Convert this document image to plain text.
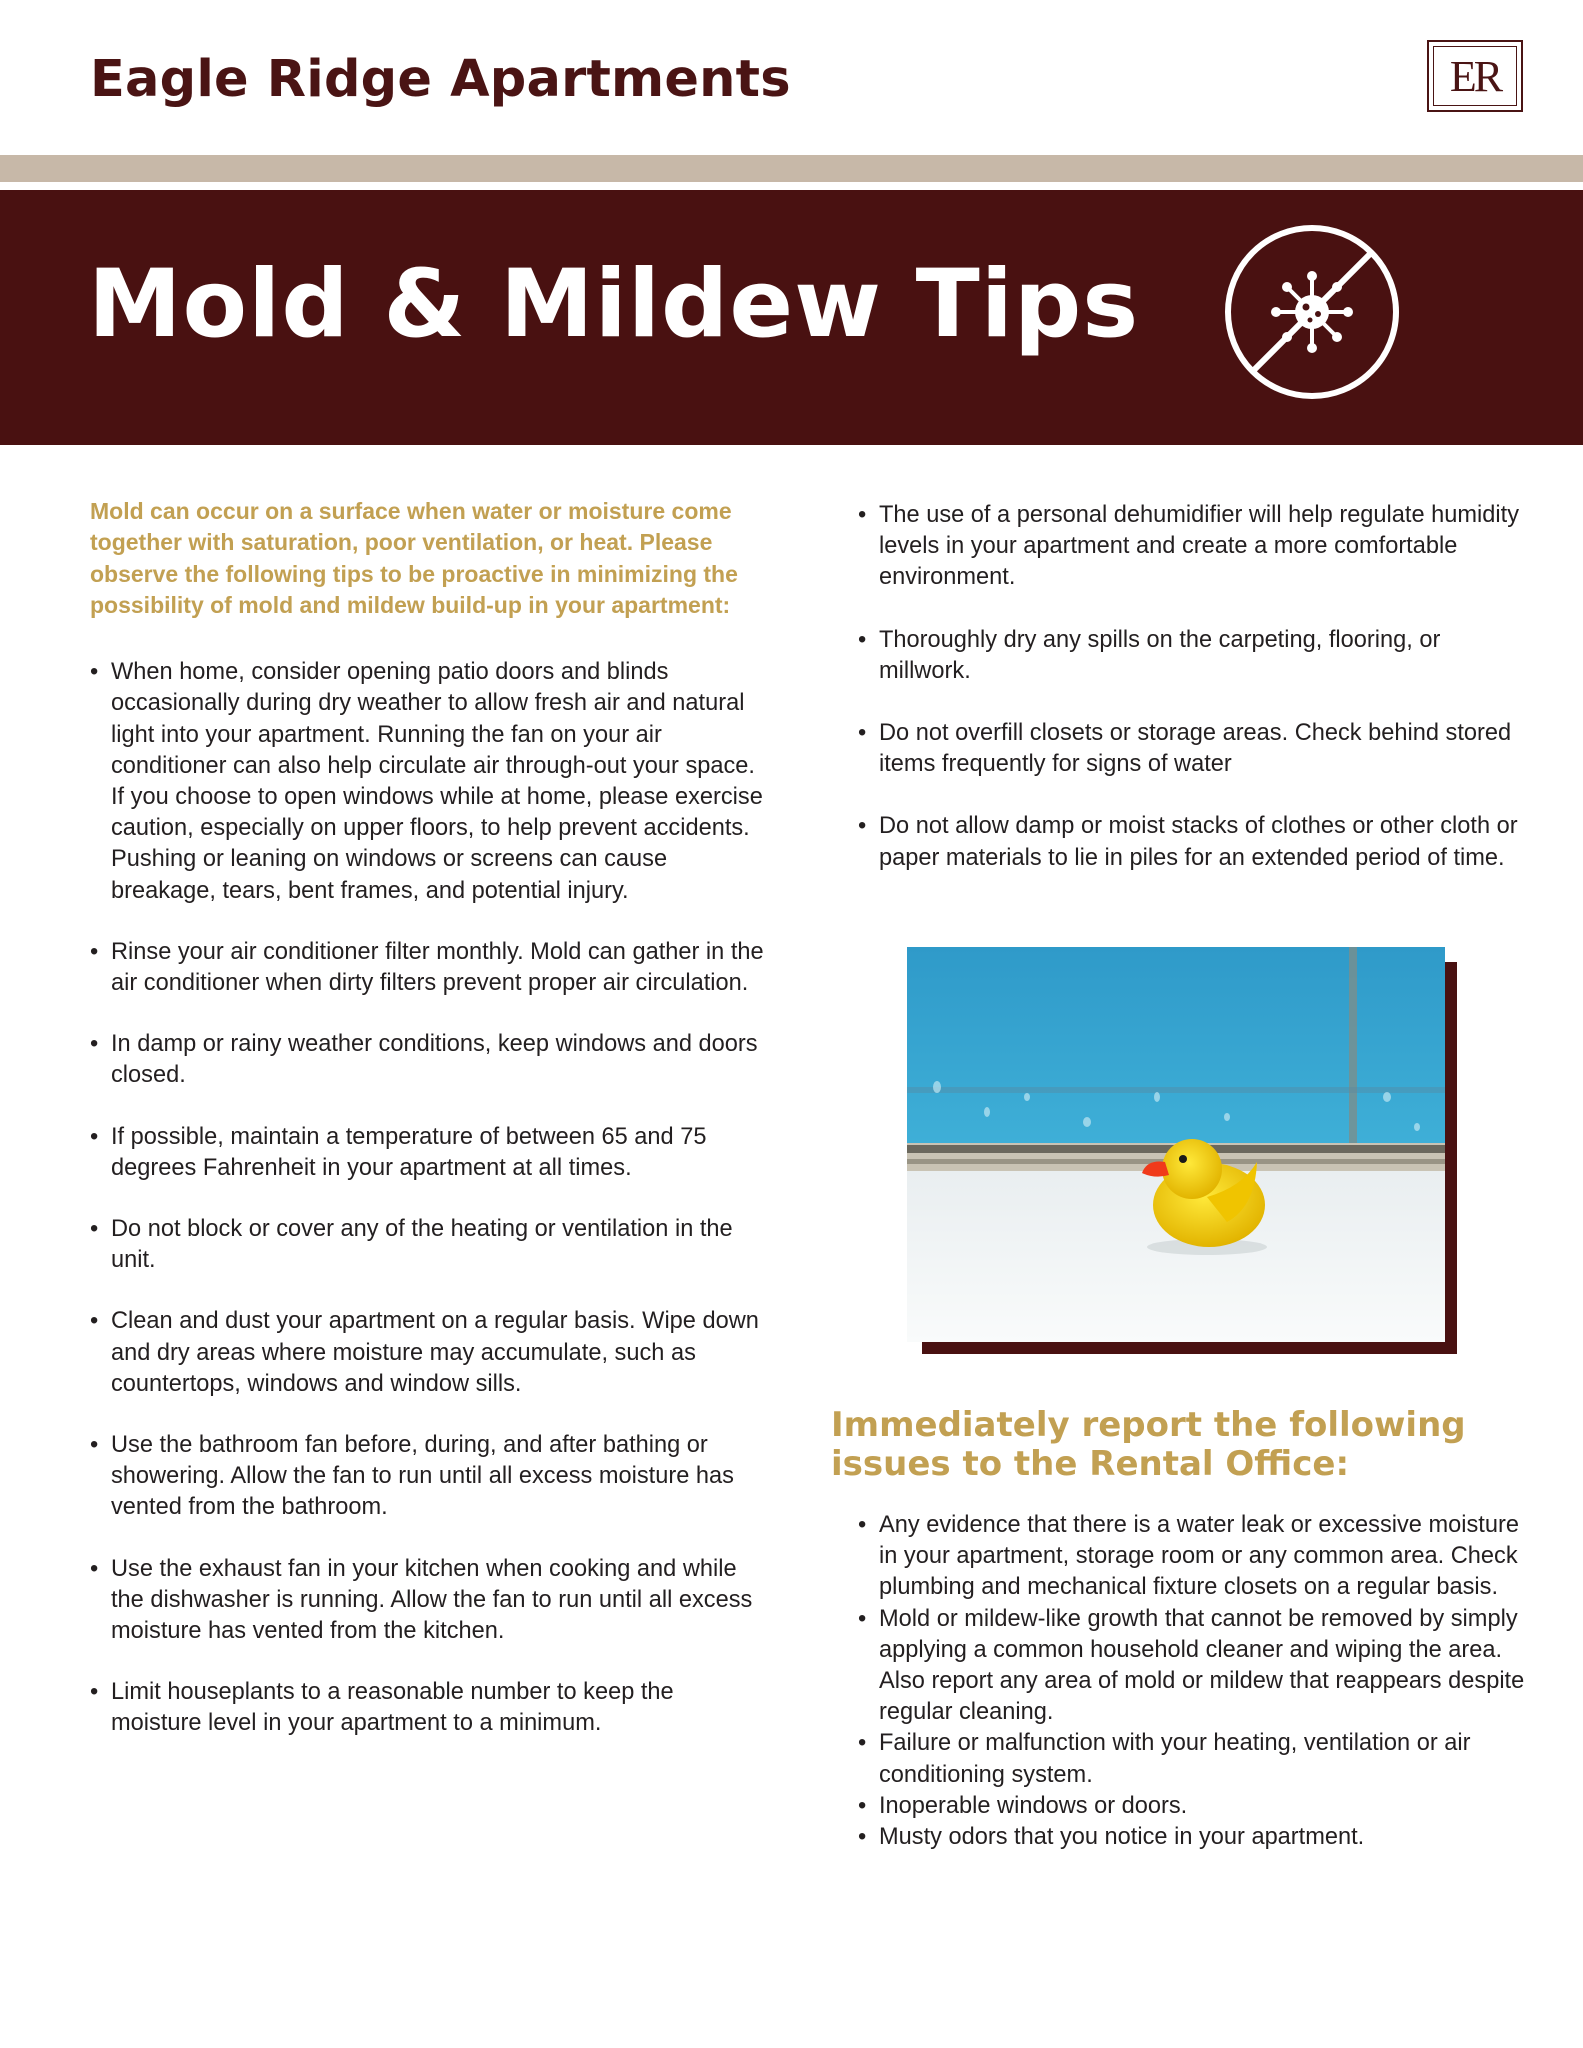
Eagle Ridge Apartments	ER
Mold & Mildew Tips

Mold can occur on a surface when water or moisture come together with saturation, poor ventilation, or heat. Please observe the following tips to be proactive in minimizing the possibility of mold and mildew build-up in your apartment:

• When home, consider opening patio doors and blinds occasionally during dry weather to allow fresh air and natural light into your apartment. Running the fan on your air conditioner can also help circulate air through-out your space. If you choose to open windows while at home, please exercise caution, especially on upper floors, to help prevent accidents. Pushing or leaning on windows or screens can cause breakage, tears, bent frames, and potential injury.
• Rinse your air conditioner filter monthly. Mold can gather in the air conditioner when dirty filters prevent proper air circulation.
• In damp or rainy weather conditions, keep windows and doors closed.
• If possible, maintain a temperature of between 65 and 75 degrees Fahrenheit in your apartment at all times.
• Do not block or cover any of the heating or ventilation in the unit.
• Clean and dust your apartment on a regular basis. Wipe down and dry areas where moisture may accumulate, such as countertops, windows and window sills.
• Use the bathroom fan before, during, and after bathing or showering. Allow the fan to run until all excess moisture has vented from the bathroom.
• Use the exhaust fan in your kitchen when cooking and while the dishwasher is running. Allow the fan to run until all excess moisture has vented from the kitchen.
• Limit houseplants to a reasonable number to keep the moisture level in your apartment to a minimum.
• The use of a personal dehumidifier will help regulate humidity levels in your apartment and create a more comfortable environment.
• Thoroughly dry any spills on the carpeting, flooring, or millwork.
• Do not overfill closets or storage areas. Check behind stored items frequently for signs of water
• Do not allow damp or moist stacks of clothes or other cloth or paper materials to lie in piles for an extended period of time.
Immediately report the following issues to the Rental Office:
• Any evidence that there is a water leak or excessive moisture in your apartment, storage room or any common area. Check plumbing and mechanical fixture closets on a regular basis.
• Mold or mildew-like growth that cannot be removed by simply applying a common household cleaner and wiping the area. Also report any area of mold or mildew that reappears despite regular cleaning.
• Failure or malfunction with your heating, ventilation or air conditioning system.
• Inoperable windows or doors.
• Musty odors that you notice in your apartment.
